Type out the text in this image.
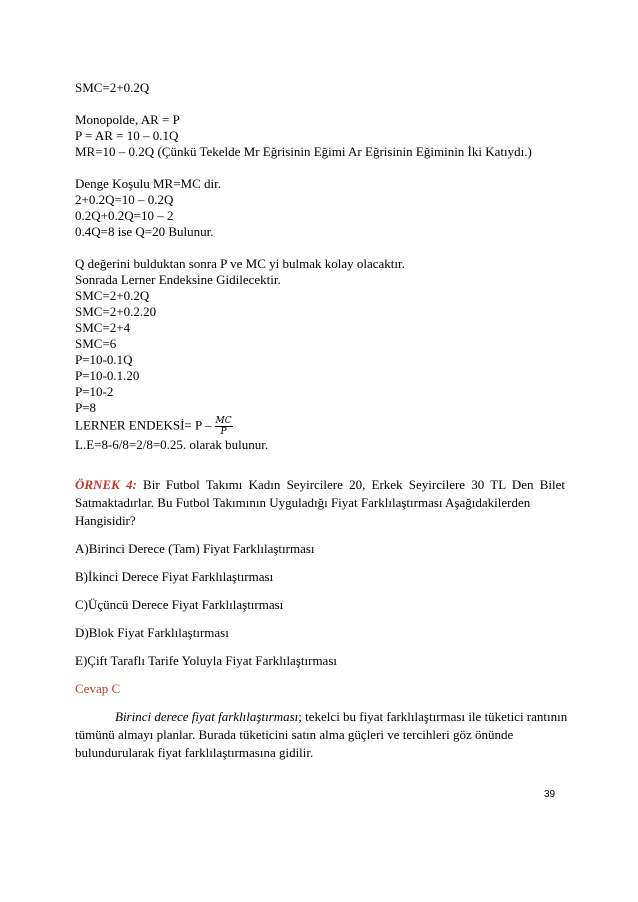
SMC=2+0.2Q
Monopolde, AR = P
P = AR = 10 – 0.1Q
MR=10 – 0.2Q (Çünkü Tekelde Mr Eğrisinin Eğimi Ar Eğrisinin Eğiminin İki Katıydı.)
Denge Koşulu MR=MC dir.
2+0.2Q=10 – 0.2Q
0.2Q+0.2Q=10 – 2
0.4Q=8 ise Q=20 Bulunur.
Q değerini bulduktan sonra P ve MC yi bulmak kolay olacaktır.
Sonrada Lerner Endeksine Gidilecektir.
SMC=2+0.2Q
SMC=2+0.2.20
SMC=2+4
SMC=6
P=10-0.1Q
P=10-0.1.20
P=10-2
P=8
LERNER ENDEKSİ= P – $\frac{MC}{P}$
L.E=8-6/8=2/8=0.25. olarak bulunur.
ÖRNEK 4: Bir Futbol Takımı Kadın Seyircilere 20, Erkek Seyircilere 30 TL Den Bilet
Satmaktadırlar. Bu Futbol Takımının Uyguladığı Fiyat Farklılaştırması Aşağıdakilerden
Hangisidir?
A)Birinci Derece (Tam) Fiyat Farklılaştırması
B)İkinci Derece Fiyat Farklılaştırması
C)Üçüncü Derece Fiyat Farklılaştırması
D)Blok Fiyat Farklılaştırması
E)Çift Taraflı Tarife Yoluyla Fiyat Farklılaştırması
Cevap C
Birinci derece fiyat farklılaştırması; tekelci bu fiyat farklılaştırması ile tüketici rantının
tümünü almayı planlar. Burada tüketicini satın alma güçleri ve tercihleri göz önünde
bulundurularak fiyat farklılaştırmasına gidilir.
39
